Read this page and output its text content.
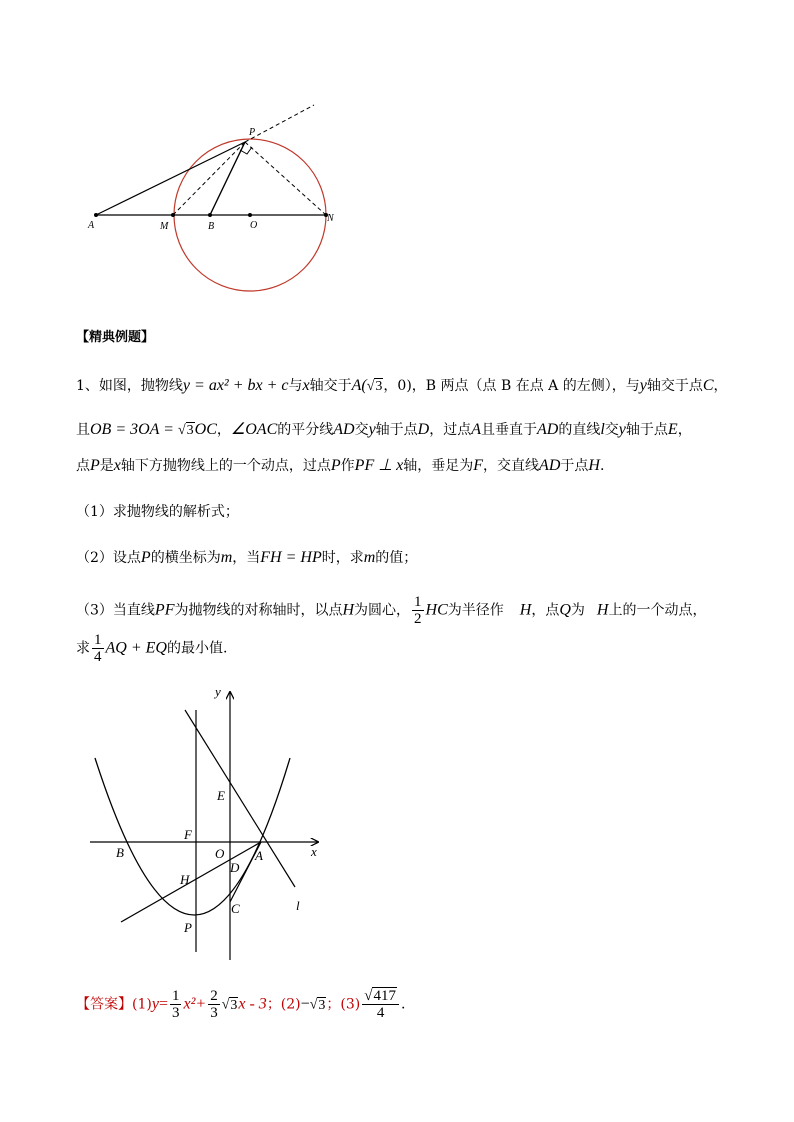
A	M	B	O
N
P
【精典例题】
1、如图，抛物线y = ax² + bx + c与x轴交于A(√3，0)，B 两点（点 B 在点 A 的左侧），与y轴交于点C，
且OB = 3OA = √3OC，∠OAC的平分线AD交y轴于点D，过点A且垂直于AD的直线l交y轴于点E，
点P是x轴下方抛物线上的一个动点，过点P作PF ⊥ x轴，垂足为F，交直线AD于点H.
（1）求抛物线的解析式；
（2）设点P的横坐标为m，当FH = HP时，求m的值；
（3）当直线PF为抛物线的对称轴时，以点H为圆心， $\frac{1}{2}$ HC为半径作 H，点Q为 H上的一个动点，
求 $\frac{1}{4}$ AQ + EQ的最小值.
y
x
E
F
O
B	A
D
H
C
P
l
【答案】$(1)y= \frac{1}{3} x^2+ \frac{2}{3} √3x - 3$；(2)−√3；$(3) \frac{√417}{4}$ .
